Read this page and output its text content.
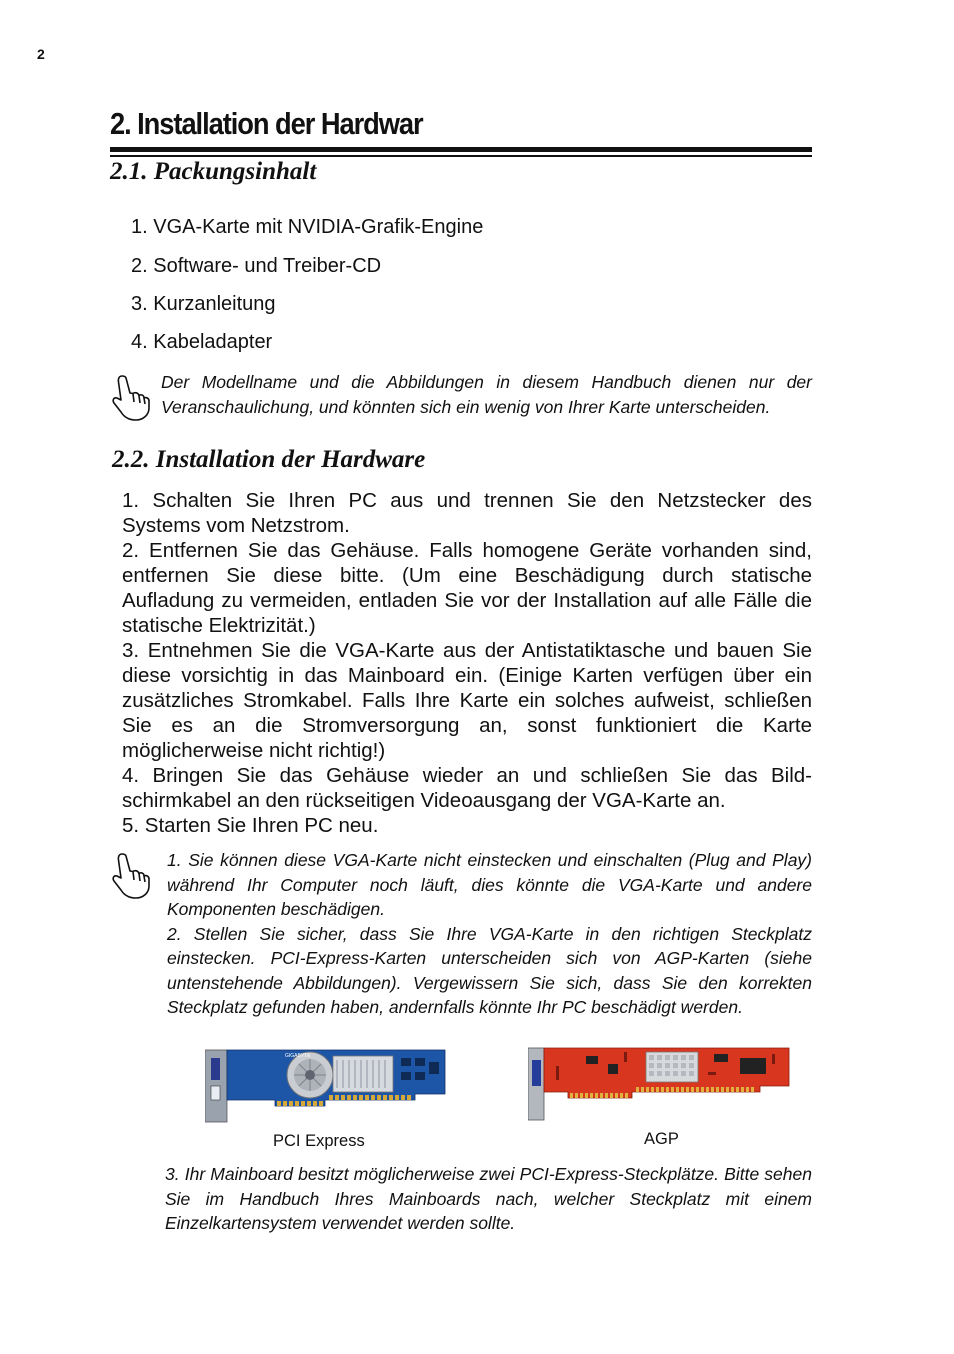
2
2. Installation der Hardwar
2.1. Packungsinhalt
1. VGA-Karte mit NVIDIA-Grafik-Engine
2. Software- und Treiber-CD
3. Kurzanleitung
4. Kabeladapter
Der Modellname und die Abbildungen in diesem Handbuch dienen nur der Veranschaulichung, und könnten sich ein wenig von Ihrer Karte unterscheiden.
2.2. Installation der Hardware

1. Schalten Sie Ihren PC aus und trennen Sie den Netzstecker des Systems vom Netzstrom.

2. Entfernen Sie das Gehäuse. Falls homogene Geräte vorhanden sind, entfernen Sie diese bitte. (Um eine Beschädigung durch statische Aufladung zu vermeiden, entladen Sie vor der Installation auf alle Fälle die statische Elektrizität.)

3. Entnehmen Sie die VGA-Karte aus der Antistatiktasche und bauen Sie diese vorsichtig in das Mainboard ein. (Einige Karten verfügen über ein zusätzliches Stromkabel. Falls Ihre Karte ein solches aufweist, schließen Sie es an die Stromversorgung an, sonst funktioniert die Karte möglicherweise nicht richtig!)

4. Bringen Sie das Gehäuse wieder an und schließen Sie das Bild-schirmkabel an den rückseitigen Videoausgang der VGA-Karte an.

5. Starten Sie Ihren PC neu.

1. Sie können diese VGA-Karte nicht einstecken und einschalten (Plug and Play) während Ihr Computer noch läuft, dies könnte die VGA-Karte und andere Komponenten beschädigen.

2. Stellen Sie sicher, dass Sie Ihre VGA-Karte in den richtigen Steckplatz einstecken. PCI-Express-Karten unterscheiden sich von AGP-Karten (siehe untenstehende Abbildungen). Vergewissern Sie sich, dass Sie den korrekten Steckplatz gefunden haben, andernfalls könnte Ihr PC beschädigt werden.

GIGABYTE
PCI Express	AGP
3. Ihr Mainboard besitzt möglicherweise zwei PCI-Express-Steckplätze. Bitte sehen Sie im Handbuch Ihres Mainboards nach, welcher Steckplatz mit einem Einzelkartensystem verwendet werden sollte.
